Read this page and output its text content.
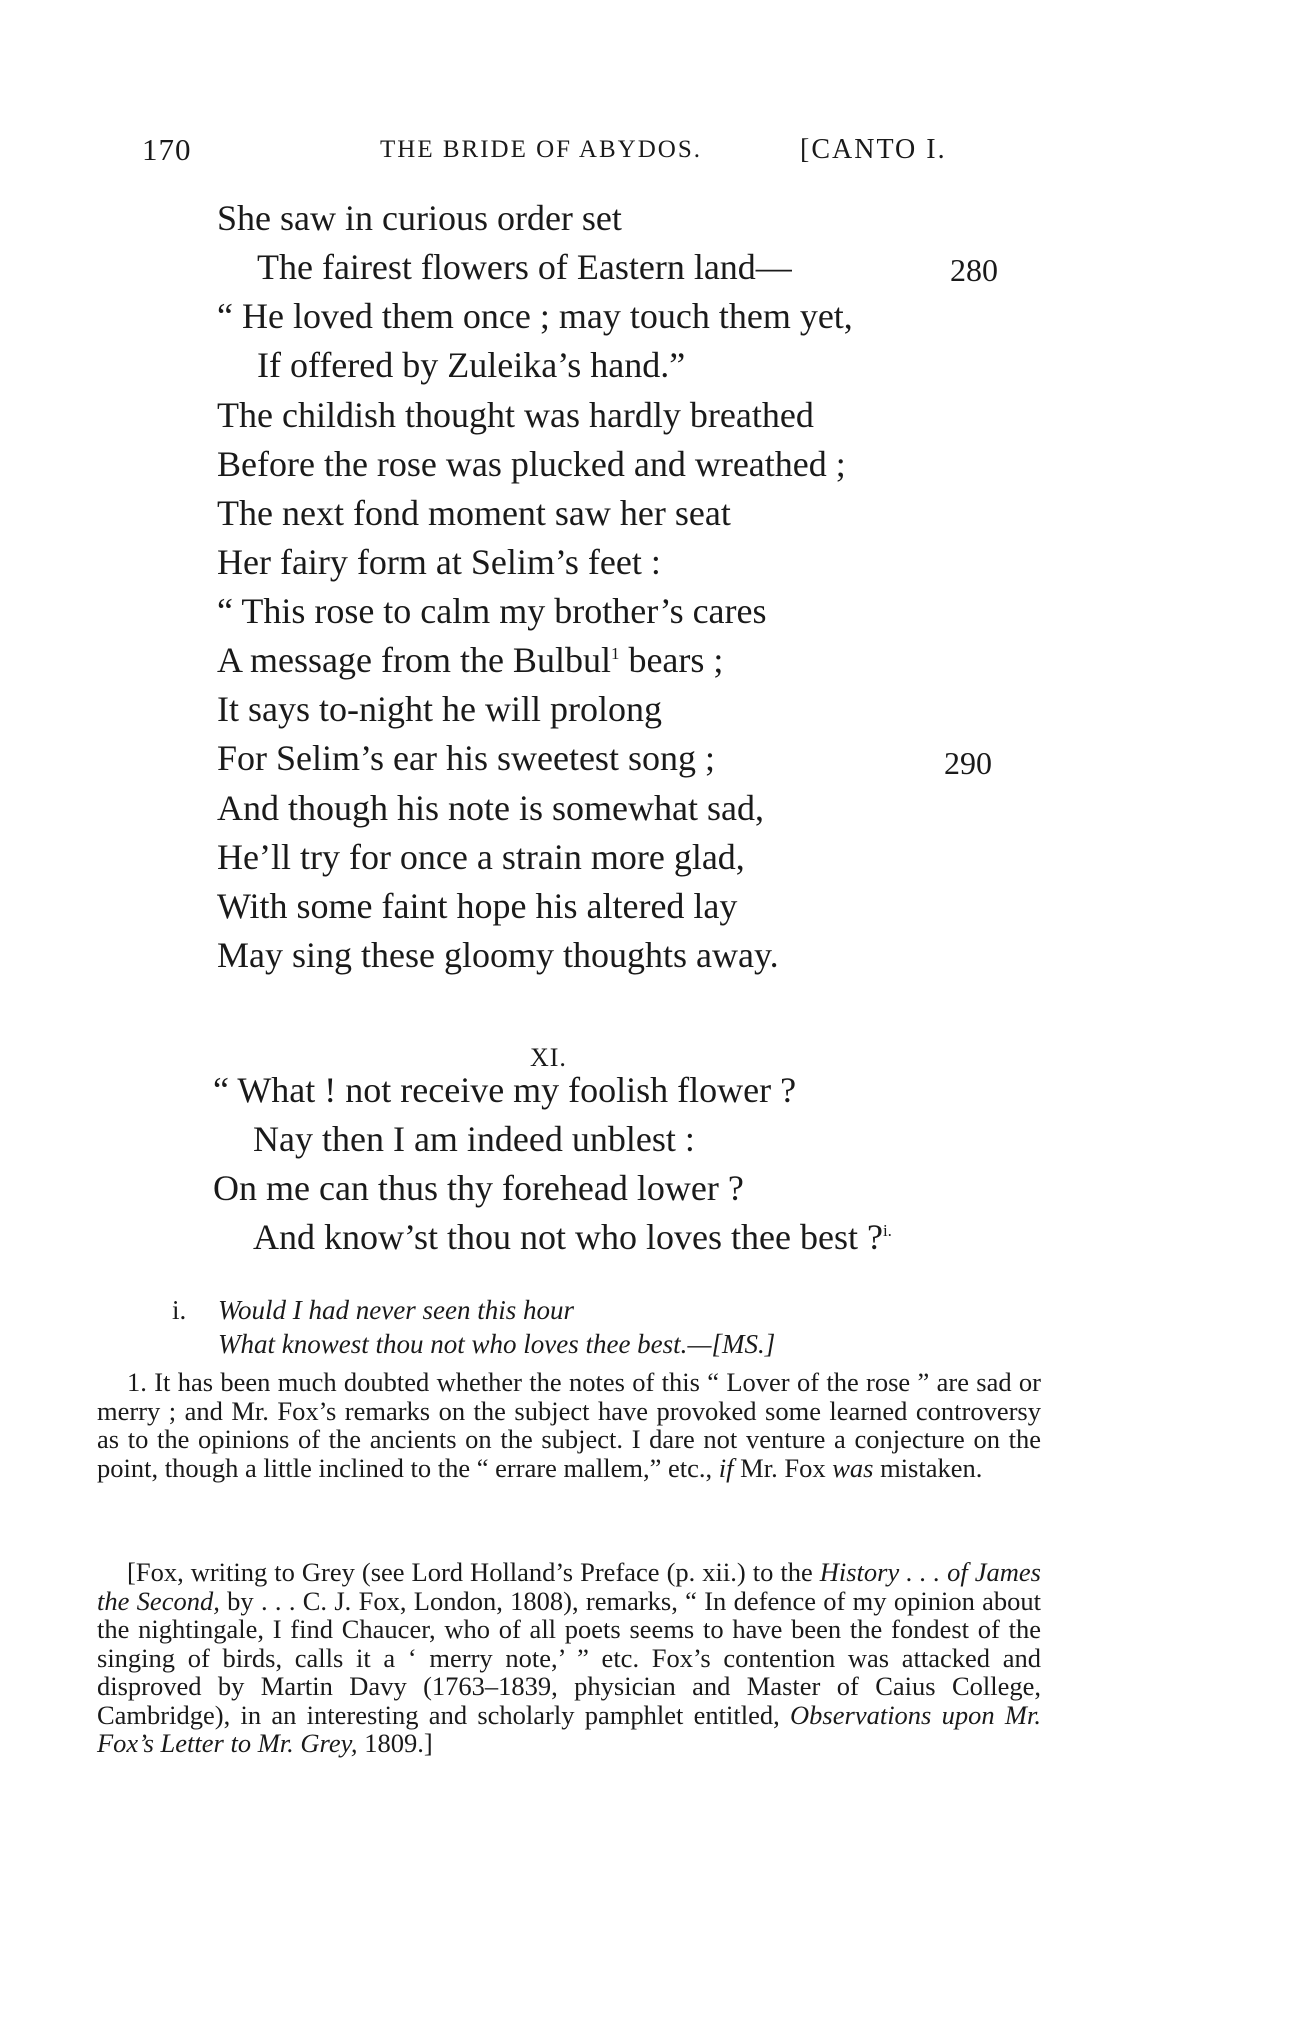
170	THE BRIDE OF ABYDOS.	[CANTO I.
She saw in curious order set
The fairest flowers of Eastern land—	280
“ He loved them once ; may touch them yet,
If offered by Zuleika’s hand.”
The childish thought was hardly breathed
Before the rose was plucked and wreathed ;
The next fond moment saw her seat
Her fairy form at Selim’s feet :
“ This rose to calm my brother’s cares
A message from the Bulbul$^1$ bears ;
It says to-night he will prolong
For Selim’s ear his sweetest song ;	290
And though his note is somewhat sad,
He’ll try for once a strain more glad,
With some faint hope his altered lay
May sing these gloomy thoughts away.
XI.
“ What ! not receive my foolish flower ?
Nay then I am indeed unblest :
On me can thus thy forehead lower ?
And know’st thou not who loves thee best ?$^{i.}$
i. Would I had never seen this hour
What knowest thou not who loves thee best.—[MS.]
1. It has been much doubted whether the notes of this “ Lover of the rose ” are sad or merry ; and Mr. Fox’s remarks on the subject have provoked some learned controversy as to the opinions of the ancients on the subject. I dare not venture a conjecture on the point, though a little inclined to the “ errare mallem,” etc., if Mr. Fox was mistaken.
[Fox, writing to Grey (see Lord Holland’s Preface (p. xii.) to the History . . . of James the Second, by . . . C. J. Fox, London, 1808), remarks, “ In defence of my opinion about the nightingale, I find Chaucer, who of all poets seems to have been the fondest of the singing of birds, calls it a ‘ merry note,’ ” etc. Fox’s contention was attacked and disproved by Martin Davy (1763–1839, physician and Master of Caius College, Cambridge), in an interesting and scholarly pamphlet entitled, Observations upon Mr. Fox’s Letter to Mr. Grey, 1809.]
